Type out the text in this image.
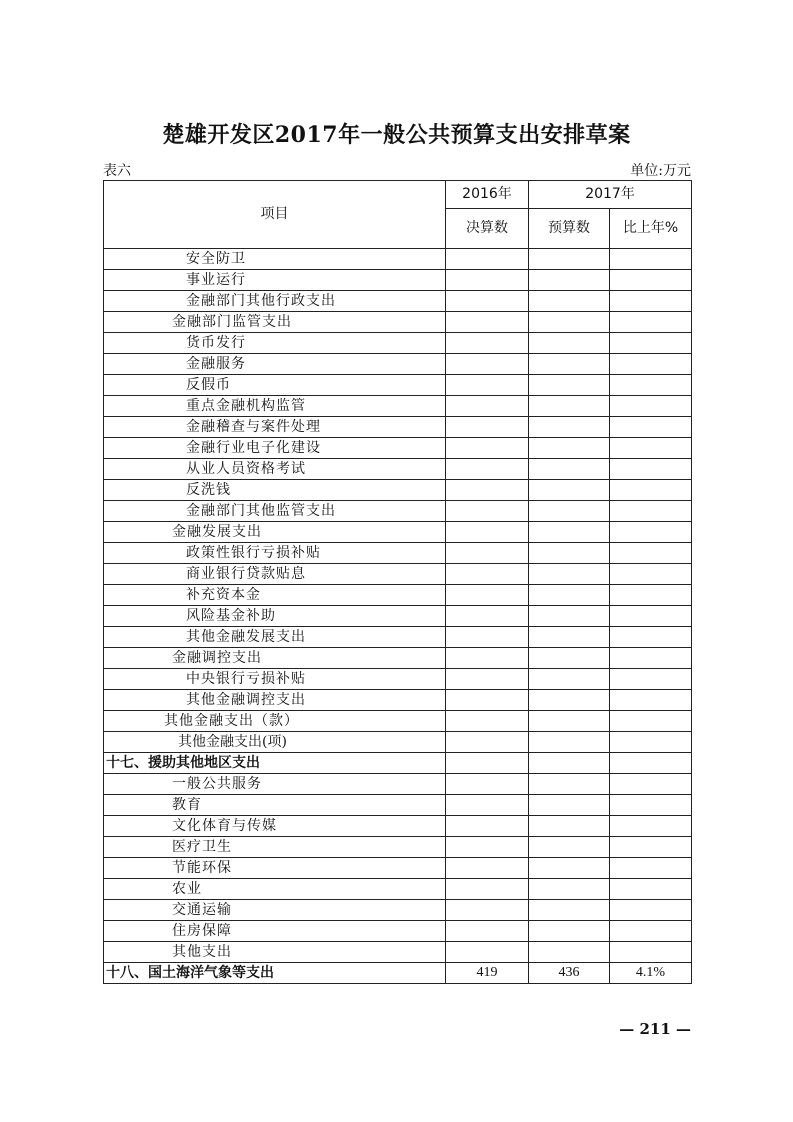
楚雄开发区2017年一般公共预算支出安排草案
表六	单位:万元
项目	2016年	2017年	
	决算数	预算数	比上年%
安全防卫			
事业运行			
金融部门其他行政支出			
金融部门监管支出			
货币发行			
金融服务			
反假币			
重点金融机构监管			
金融稽查与案件处理			
金融行业电子化建设			
从业人员资格考试			
反洗钱			
金融部门其他监管支出			
金融发展支出			
政策性银行亏损补贴			
商业银行贷款贴息			
补充资本金			
风险基金补助			
其他金融发展支出			
金融调控支出			
中央银行亏损补贴			
其他金融调控支出			
其他金融支出（款）			
其他金融支出(项)			
十七、援助其他地区支出			
一般公共服务			
教育			
文化体育与传媒			
医疗卫生			
节能环保			
农业			
交通运输			
住房保障			
其他支出			
十八、国土海洋气象等支出	419	436	4.1%
— 211 —
